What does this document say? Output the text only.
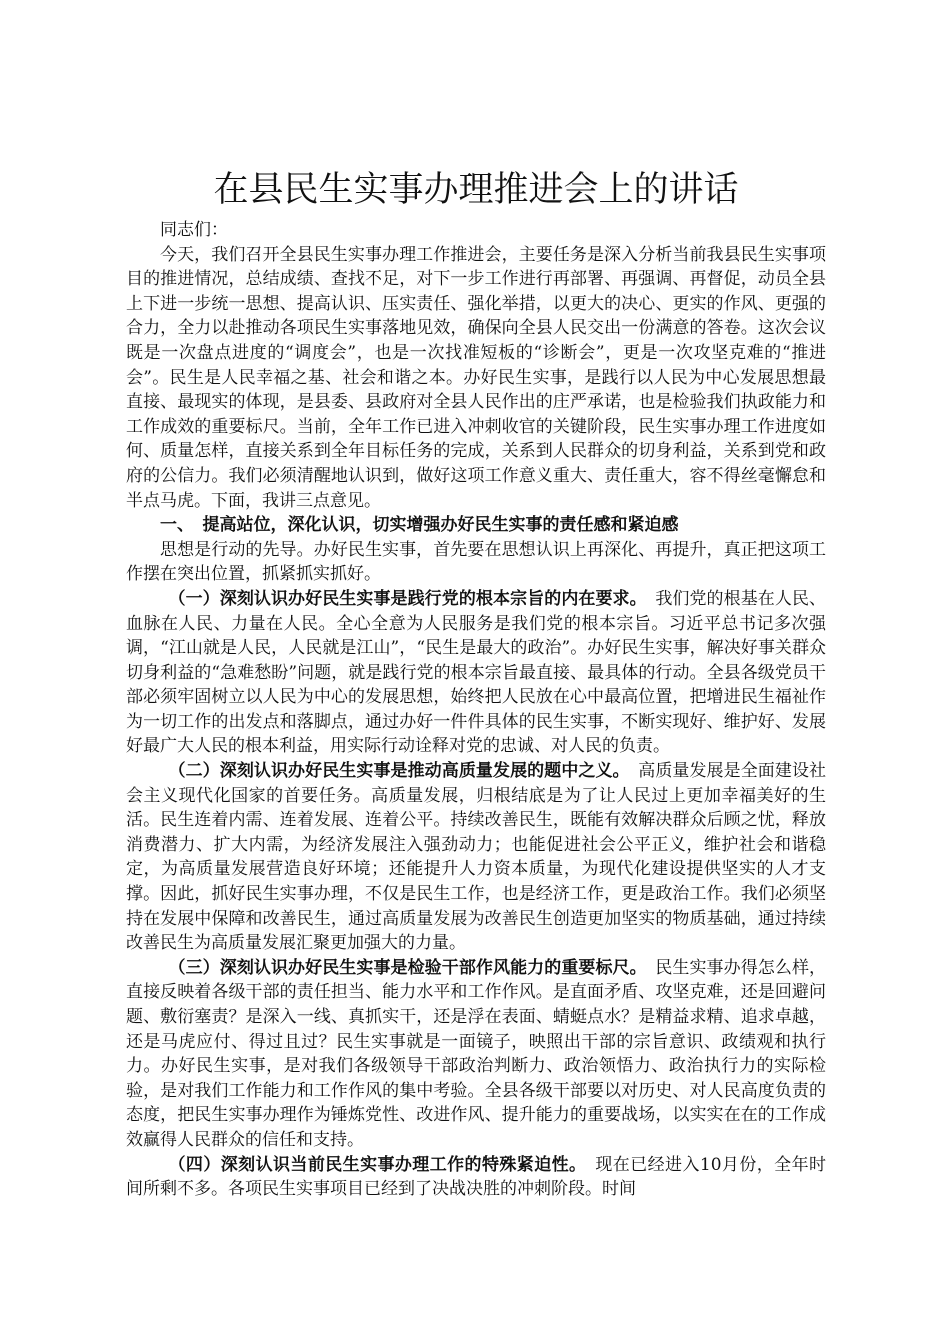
在县民生实事办理推进会上的讲话

同志们：

今天，我们召开全县民生实事办理工作推进会，主要任务是深入分析当前我县民生实事项目的推进情况，总结成绩、查找不足，对下一步工作进行再部署、再强调、再督促，动员全县上下进一步统一思想、提高认识、压实责任、强化举措，以更大的决心、更实的作风、更强的合力，全力以赴推动各项民生实事落地见效，确保向全县人民交出一份满意的答卷。这次会议既是一次盘点进度的“调度会”，也是一次找准短板的“诊断会”，更是一次攻坚克难的“推进会”。民生是人民幸福之基、社会和谐之本。办好民生实事，是践行以人民为中心发展思想最直接、最现实的体现，是县委、县政府对全县人民作出的庄严承诺，也是检验我们执政能力和工作成效的重要标尺。当前，全年工作已进入冲刺收官的关键阶段，民生实事办理工作进度如何、质量怎样，直接关系到全年目标任务的完成，关系到人民群众的切身利益，关系到党和政府的公信力。我们必须清醒地认识到，做好这项工作意义重大、责任重大，容不得丝毫懈怠和半点马虎。下面，我讲三点意见。

一、　提高站位，深化认识，切实增强办好民生实事的责任感和紧迫感

思想是行动的先导。办好民生实事，首先要在思想认识上再深化、再提升，真正把这项工作摆在突出位置，抓紧抓实抓好。

（一）深刻认识办好民生实事是践行党的根本宗旨的内在要求。　 我们党的根基在人民、血脉在人民、力量在人民。全心全意为人民服务是我们党的根本宗旨。习近平总书记多次强调，“江山就是人民，人民就是江山”，“民生是最大的政治”。办好民生实事，解决好事关群众切身利益的“急难愁盼”问题，就是践行党的根本宗旨最直接、最具体的行动。全县各级党员干部必须牢固树立以人民为中心的发展思想，始终把人民放在心中最高位置，把增进民生福祉作为一切工作的出发点和落脚点，通过办好一件件具体的民生实事，不断实现好、维护好、发展好最广大人民的根本利益，用实际行动诠释对党的忠诚、对人民的负责。

（二）深刻认识办好民生实事是推动高质量发展的题中之义。　 高质量发展是全面建设社会主义现代化国家的首要任务。高质量发展，归根结底是为了让人民过上更加幸福美好的生活。民生连着内需、连着发展、连着公平。持续改善民生，既能有效解决群众后顾之忧，释放消费潜力、扩大内需，为经济发展注入强劲动力；也能促进社会公平正义，维护社会和谐稳定，为高质量发展营造良好环境；还能提升人力资本质量，为现代化建设提供坚实的人才支撑。因此，抓好民生实事办理，不仅是民生工作，也是经济工作，更是政治工作。我们必须坚持在发展中保障和改善民生，通过高质量发展为改善民生创造更加坚实的物质基础，通过持续改善民生为高质量发展汇聚更加强大的力量。

（三）深刻认识办好民生实事是检验干部作风能力的重要标尺。　 民生实事办得怎么样，直接反映着各级干部的责任担当、能力水平和工作作风。是直面矛盾、攻坚克难，还是回避问题、敷衍塞责？是深入一线、真抓实干，还是浮在表面、蜻蜓点水？是精益求精、追求卓越，还是马虎应付、得过且过？民生实事就是一面镜子，映照出干部的宗旨意识、政绩观和执行力。办好民生实事，是对我们各级领导干部政治判断力、政治领悟力、政治执行力的实际检验，是对我们工作能力和工作作风的集中考验。全县各级干部要以对历史、对人民高度负责的态度，把民生实事办理作为锤炼党性、改进作风、提升能力的重要战场，以实实在在的工作成效赢得人民群众的信任和支持。

（四）深刻认识当前民生实事办理工作的特殊紧迫性。　 现在已经进入10月份，全年时间所剩不多。各项民生实事项目已经到了决战决胜的冲刺阶段。时间
